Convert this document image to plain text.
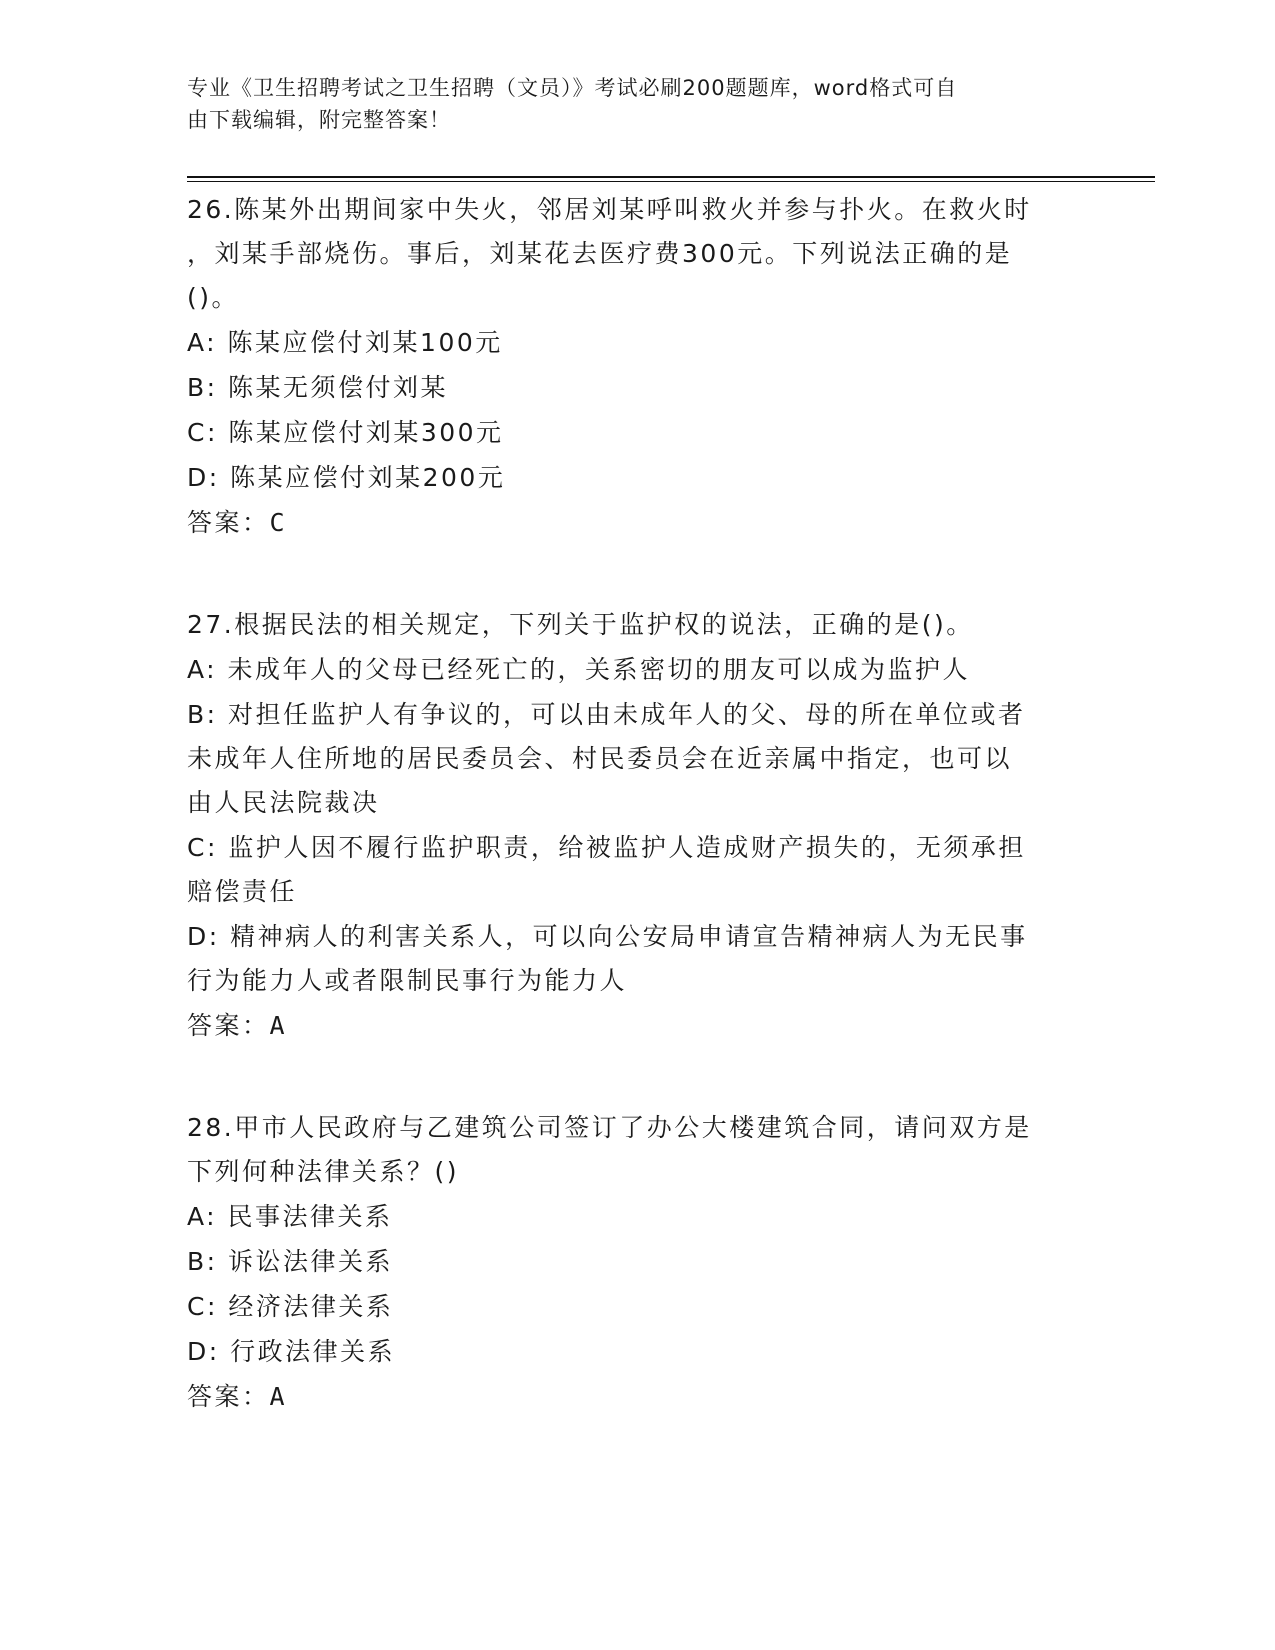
专业《卫生招聘考试之卫生招聘（文员）》考试必刷200题题库，word格式可自
由下载编辑，附完整答案！
26.陈某外出期间家中失火，邻居刘某呼叫救火并参与扑火。在救火时
，刘某手部烧伤。事后，刘某花去医疗费300元。下列说法正确的是
()。
A: 陈某应偿付刘某100元
B: 陈某无须偿付刘某
C: 陈某应偿付刘某300元
D: 陈某应偿付刘某200元
答案：C
27.根据民法的相关规定，下列关于监护权的说法，正确的是()。
A: 未成年人的父母已经死亡的，关系密切的朋友可以成为监护人
B: 对担任监护人有争议的，可以由未成年人的父、母的所在单位或者
未成年人住所地的居民委员会、村民委员会在近亲属中指定，也可以
由人民法院裁决
C: 监护人因不履行监护职责，给被监护人造成财产损失的，无须承担
赔偿责任
D: 精神病人的利害关系人，可以向公安局申请宣告精神病人为无民事
行为能力人或者限制民事行为能力人
答案：A
28.甲市人民政府与乙建筑公司签订了办公大楼建筑合同，请问双方是
下列何种法律关系？()
A: 民事法律关系
B: 诉讼法律关系
C: 经济法律关系
D: 行政法律关系
答案：A
